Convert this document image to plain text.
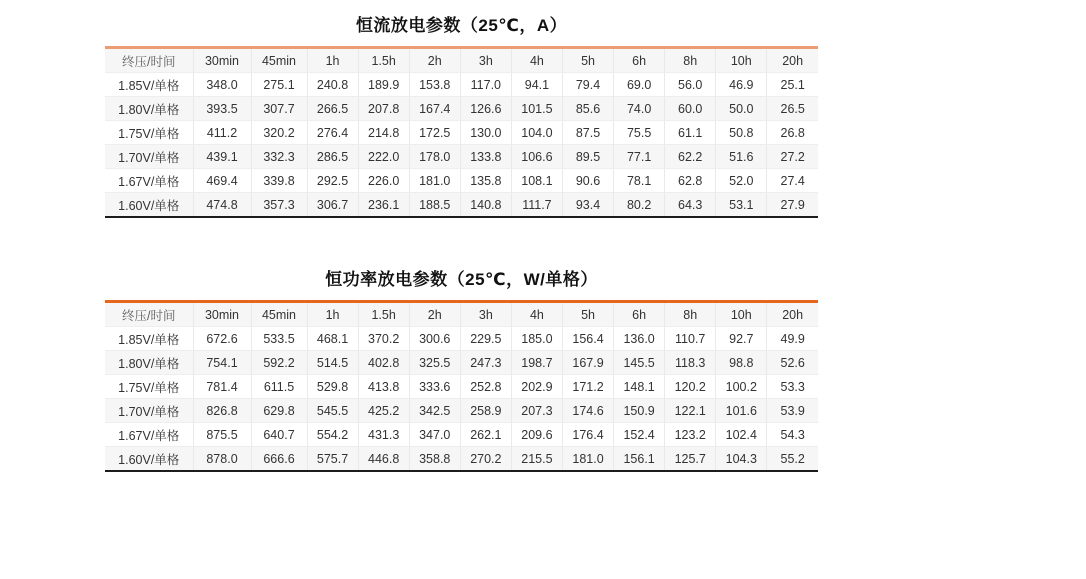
恒流放电参数（25℃，A）
终压/时间	30min	45min	1h	1.5h	2h	3h	4h	5h	6h	8h	10h	20h
1.85V/单格	348.0	275.1	240.8	189.9	153.8	117.0	94.1	79.4	69.0	56.0	46.9	25.1
1.80V/单格	393.5	307.7	266.5	207.8	167.4	126.6	101.5	85.6	74.0	60.0	50.0	26.5
1.75V/单格	411.2	320.2	276.4	214.8	172.5	130.0	104.0	87.5	75.5	61.1	50.8	26.8
1.70V/单格	439.1	332.3	286.5	222.0	178.0	133.8	106.6	89.5	77.1	62.2	51.6	27.2
1.67V/单格	469.4	339.8	292.5	226.0	181.0	135.8	108.1	90.6	78.1	62.8	52.0	27.4
1.60V/单格	474.8	357.3	306.7	236.1	188.5	140.8	111.7	93.4	80.2	64.3	53.1	27.9
恒功率放电参数（25℃，W/单格）
终压/时间	30min	45min	1h	1.5h	2h	3h	4h	5h	6h	8h	10h	20h
1.85V/单格	672.6	533.5	468.1	370.2	300.6	229.5	185.0	156.4	136.0	110.7	92.7	49.9
1.80V/单格	754.1	592.2	514.5	402.8	325.5	247.3	198.7	167.9	145.5	118.3	98.8	52.6
1.75V/单格	781.4	611.5	529.8	413.8	333.6	252.8	202.9	171.2	148.1	120.2	100.2	53.3
1.70V/单格	826.8	629.8	545.5	425.2	342.5	258.9	207.3	174.6	150.9	122.1	101.6	53.9
1.67V/单格	875.5	640.7	554.2	431.3	347.0	262.1	209.6	176.4	152.4	123.2	102.4	54.3
1.60V/单格	878.0	666.6	575.7	446.8	358.8	270.2	215.5	181.0	156.1	125.7	104.3	55.2
